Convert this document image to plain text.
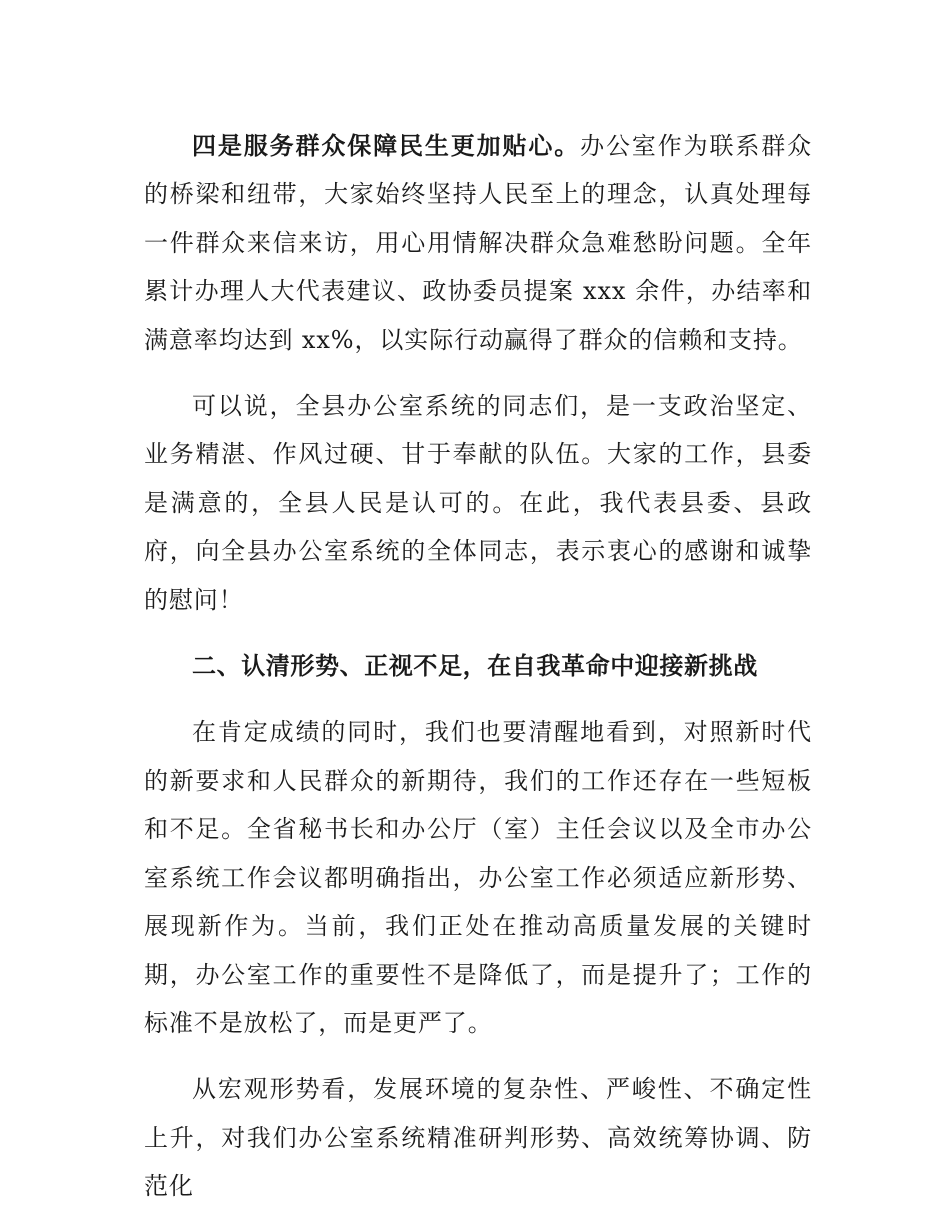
四是服务群众保障民生更加贴心。办公室作为联系群众的桥梁和纽带，大家始终坚持人民至上的理念，认真处理每一件群众来信来访，用心用情解决群众急难愁盼问题。全年累计办理人大代表建议、政协委员提案 xxx 余件，办结率和满意率均达到 xx%，以实际行动赢得了群众的信赖和支持。

可以说，全县办公室系统的同志们，是一支政治坚定、业务精湛、作风过硬、甘于奉献的队伍。大家的工作，县委是满意的，全县人民是认可的。在此，我代表县委、县政府，向全县办公室系统的全体同志，表示衷心的感谢和诚挚的慰问！

二、认清形势、正视不足，在自我革命中迎接新挑战

在肯定成绩的同时，我们也要清醒地看到，对照新时代的新要求和人民群众的新期待，我们的工作还存在一些短板和不足。全省秘书长和办公厅（室）主任会议以及全市办公室系统工作会议都明确指出，办公室工作必须适应新形势、展现新作为。当前，我们正处在推动高质量发展的关键时期，办公室工作的重要性不是降低了，而是提升了；工作的标准不是放松了，而是更严了。

从宏观形势看，发展环境的复杂性、严峻性、不确定性上升，对我们办公室系统精准研判形势、高效统筹协调、防范化
